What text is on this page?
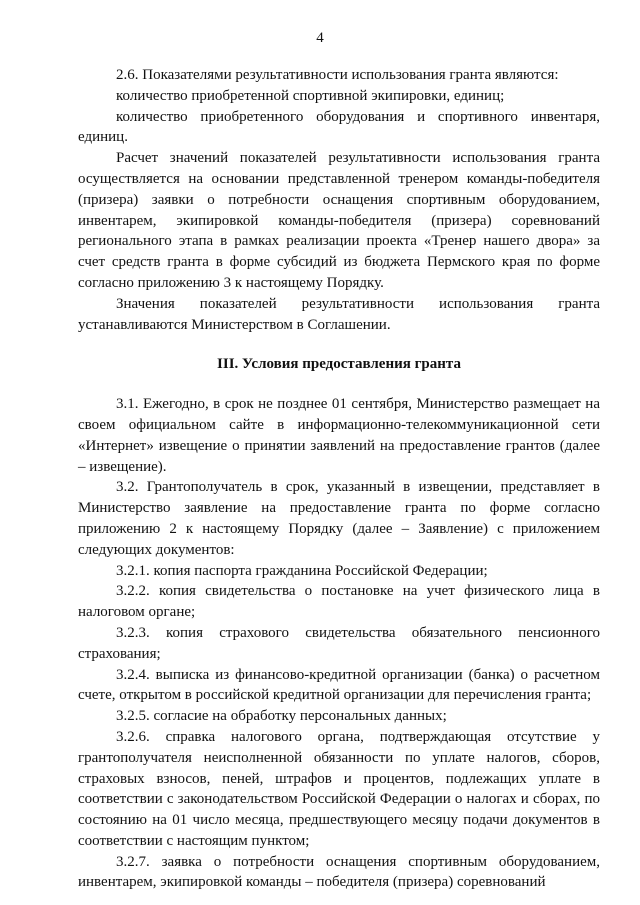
4

2.6. Показателями результативности использования гранта являются:

количество приобретенной спортивной экипировки, единиц;

количество приобретенного оборудования и спортивного инвентаря, единиц.

Расчет значений показателей результативности использования гранта осуществляется на основании представленной тренером команды-победителя (призера) заявки о потребности оснащения спортивным оборудованием, инвентарем, экипировкой команды-победителя (призера) соревнований регионального этапа в рамках реализации проекта «Тренер нашего двора» за счет средств гранта в форме субсидий из бюджета Пермского края по форме согласно приложению 3 к настоящему Порядку.

Значения показателей результативности использования гранта устанавливаются Министерством в Соглашении.

III. Условия предоставления гранта

3.1. Ежегодно, в срок не позднее 01 сентября, Министерство размещает на своем официальном сайте в информационно-телекоммуникационной сети «Интернет» извещение о принятии заявлений на предоставление грантов (далее – извещение).

3.2. Грантополучатель в срок, указанный в извещении, представляет в Министерство заявление на предоставление гранта по форме согласно приложению 2 к настоящему Порядку (далее – Заявление) с приложением следующих документов:

3.2.1. копия паспорта гражданина Российской Федерации;

3.2.2. копия свидетельства о постановке на учет физического лица в налоговом органе;

3.2.3. копия страхового свидетельства обязательного пенсионного страхования;

3.2.4. выписка из финансово-кредитной организации (банка) о расчетном счете, открытом в российской кредитной организации для перечисления гранта;

3.2.5. согласие на обработку персональных данных;

3.2.6. справка налогового органа, подтверждающая отсутствие у грантополучателя неисполненной обязанности по уплате налогов, сборов, страховых взносов, пеней, штрафов и процентов, подлежащих уплате в соответствии с законодательством Российской Федерации о налогах и сборах, по состоянию на 01 число месяца, предшествующего месяцу подачи документов в соответствии с настоящим пунктом;

3.2.7. заявка о потребности оснащения спортивным оборудованием, инвентарем, экипировкой команды – победителя (призера) соревнований
